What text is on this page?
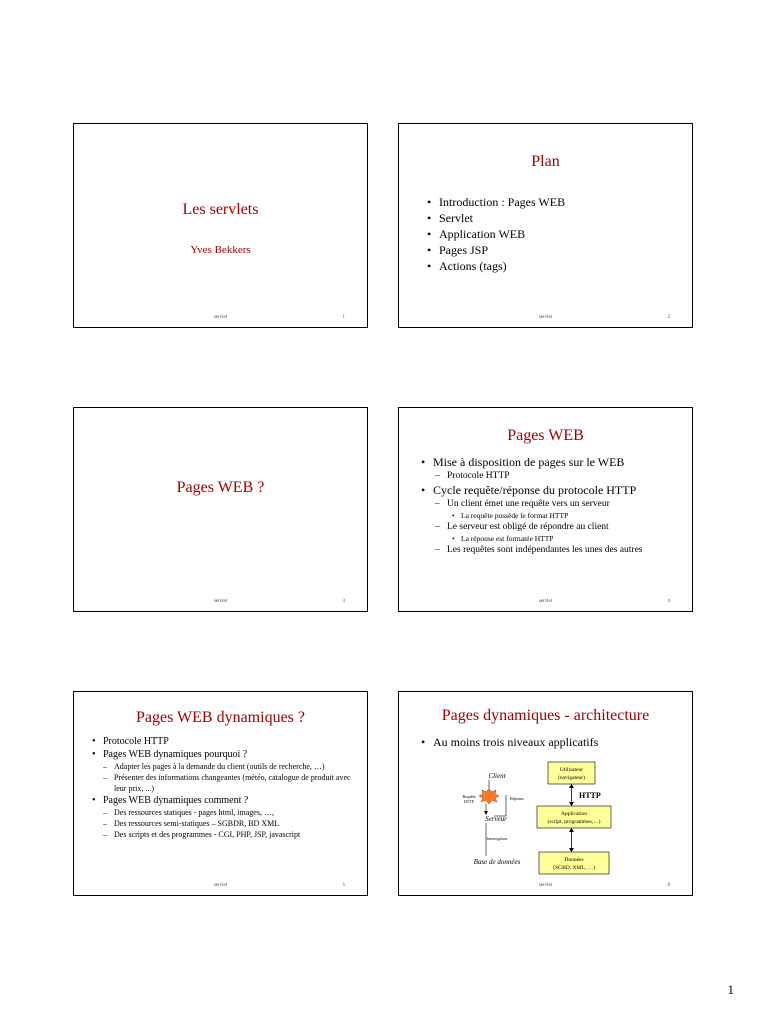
Les servlets
Yves Bekkers
servlet	1
Plan
• Introduction : Pages WEB
• Servlet
• Application WEB
• Pages JSP
• Actions (tags)
servlet	2
Pages WEB ?
servlet	3
Pages WEB
• Mise à disposition de pages sur le WEB
– Protocole HTTP
• Cycle requête/réponse du protocole HTTP
– Un client émet une requête vers un serveur
• La requête possède le format HTTP
– Le serveur est obligé de répondre au client
• La réponse est formatée HTTP
– Les requêtes sont indépendantes les unes des autres
servlet	4
Pages WEB dynamiques ?
• Protocole HTTP
• Pages WEB dynamiques pourquoi ?
– Adapter les pages à la demande du client (outils de recherche, …)
– Présenter des informations changeantes (météo, catalogue de produit avec leur prix, ...)
• Pages WEB dynamiques comment ?
– Des ressources statiques - pages html, images, …,
– Des ressources semi-statiques – SGBDR, BD XML
– Des scripts et des programmes - CGI, PHP, JSP, javascript
servlet	5
Pages dynamiques - architecture
• Au moins trois niveaux applicatifs
Client
Requête
HTTP
Réponse
Serveur
Interrogation
Base de données
Utilisateur
(navigateur)
HTTP
Application
(script, programmes,…)
Données
(SGBD, XML, …)
servlet	6
1
